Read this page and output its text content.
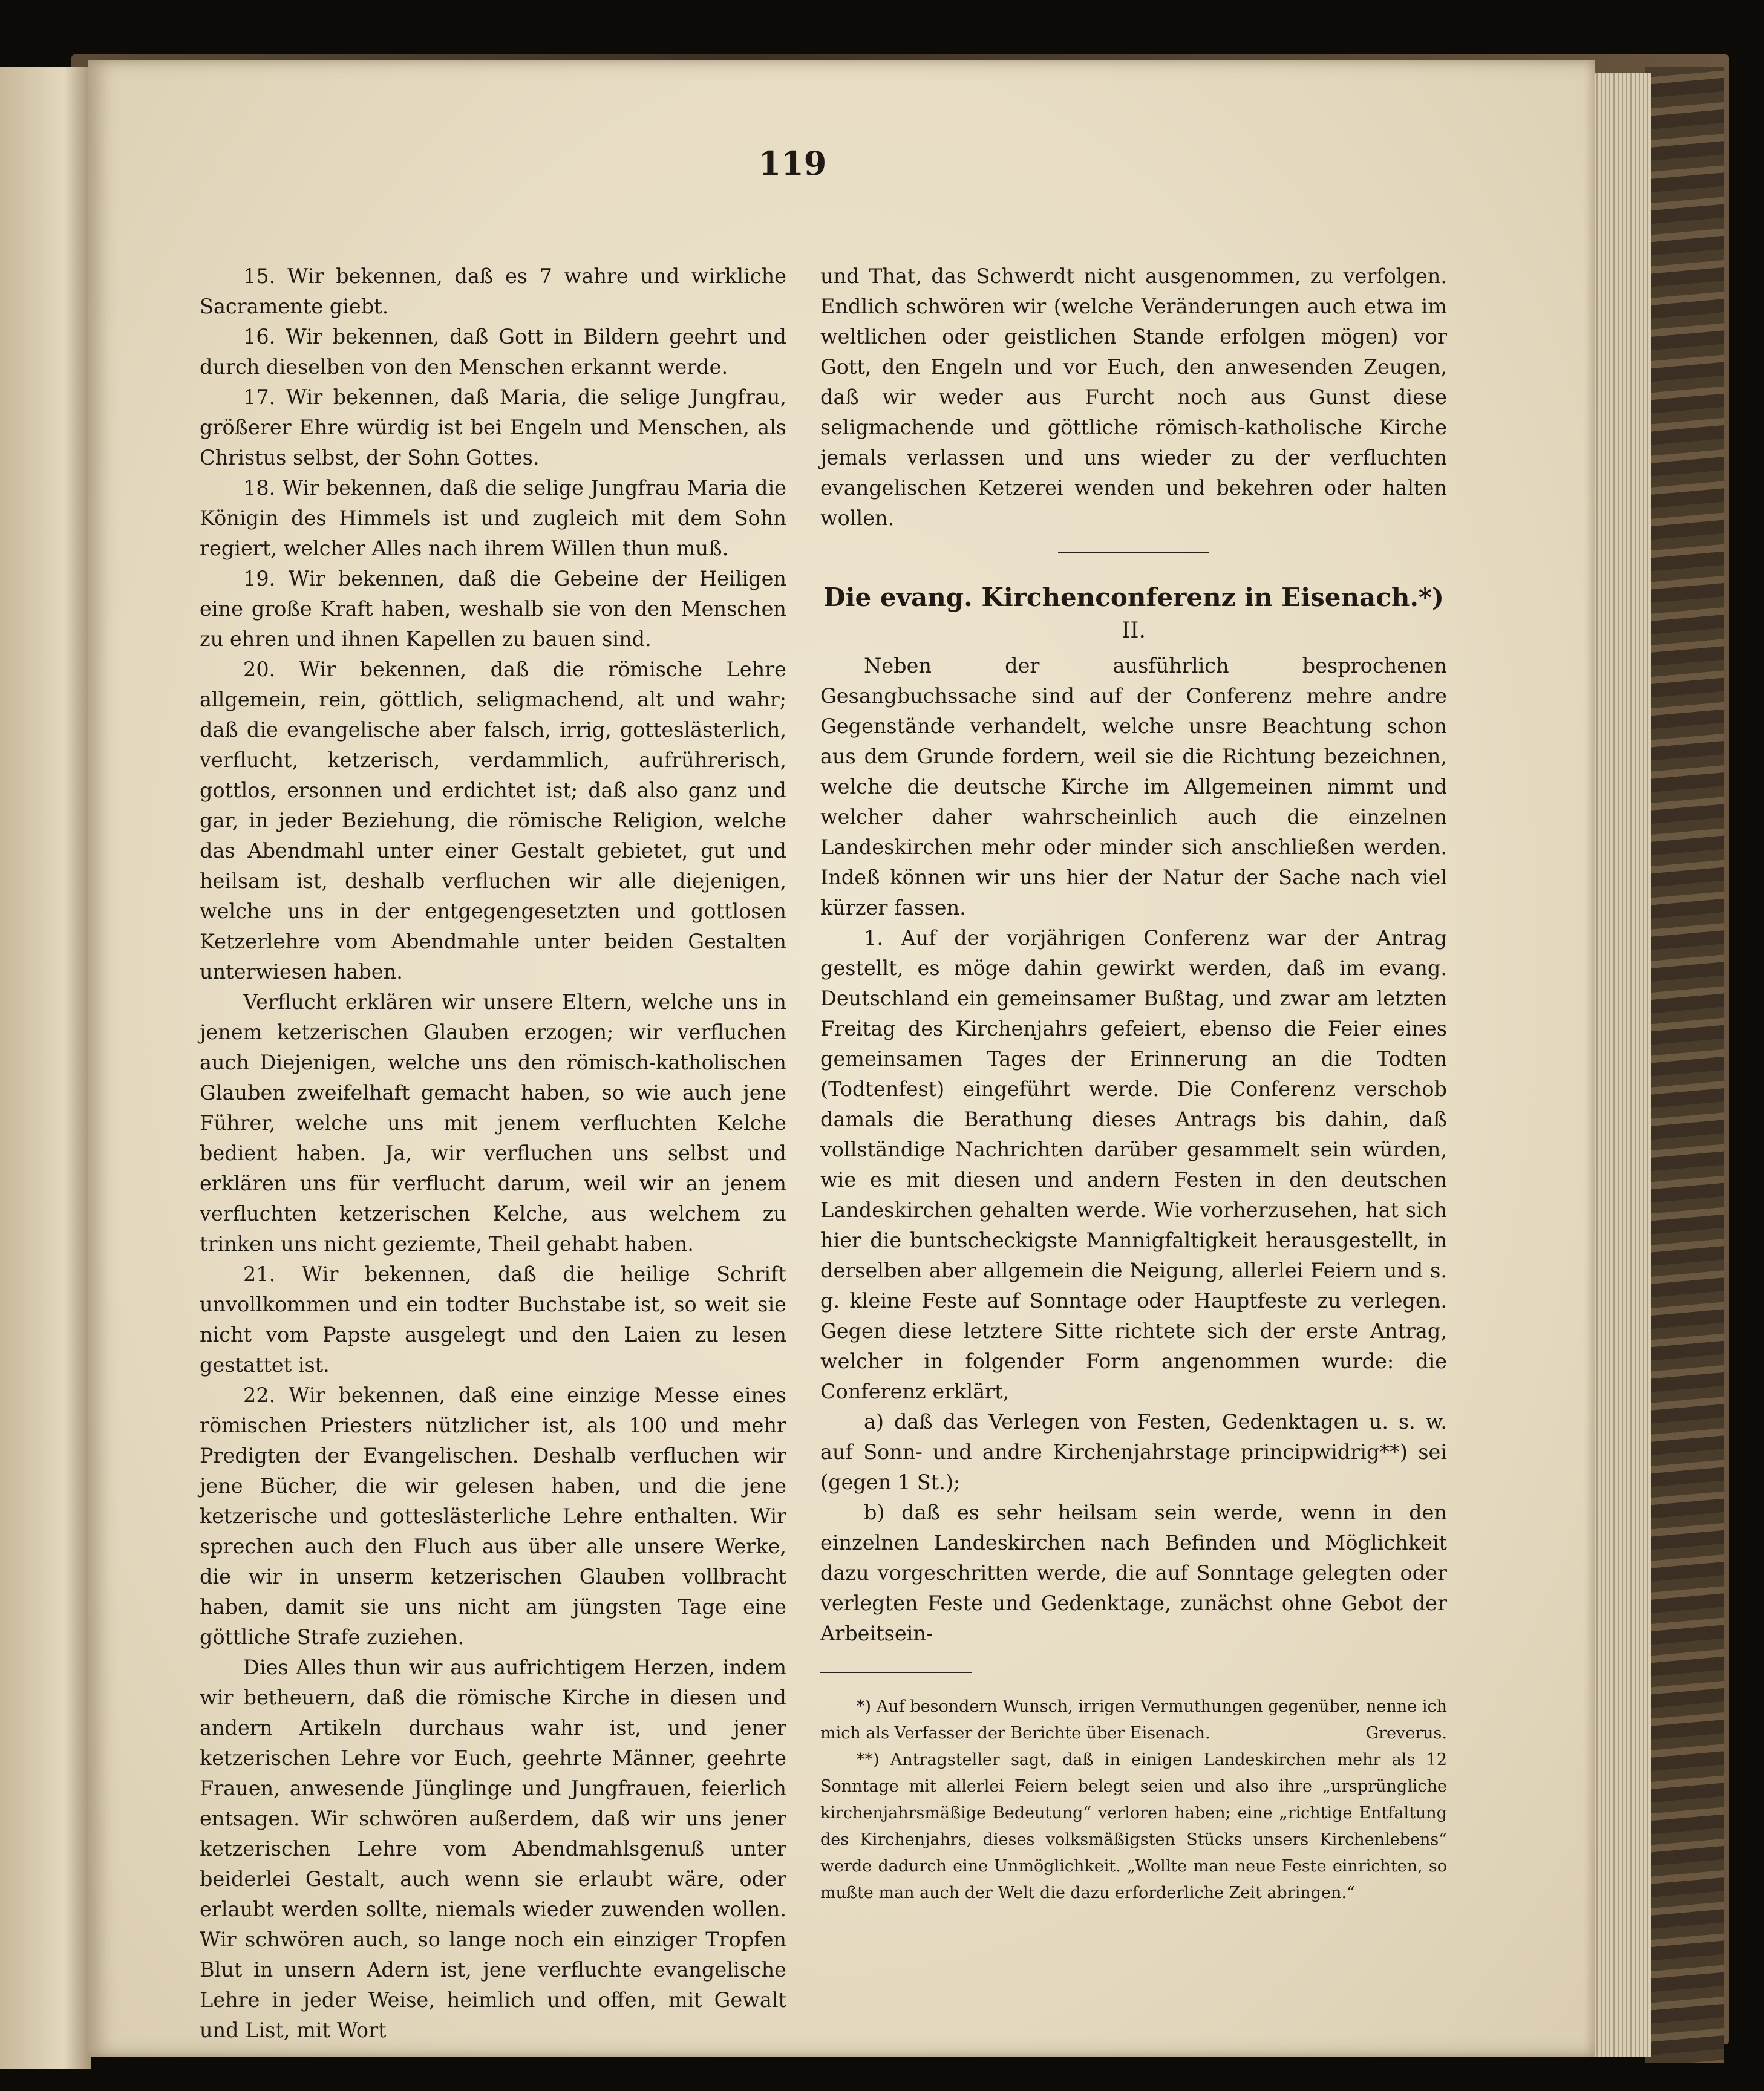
119

15. Wir bekennen, daß es 7 wahre und wirkliche Sacramente giebt.

16. Wir bekennen, daß Gott in Bildern geehrt und durch dieselben von den Menschen erkannt werde.

17. Wir bekennen, daß Maria, die selige Jungfrau, größerer Ehre würdig ist bei Engeln und Menschen, als Christus selbst, der Sohn Gottes.

18. Wir bekennen, daß die selige Jungfrau Maria die Königin des Himmels ist und zugleich mit dem Sohn regiert, welcher Alles nach ihrem Willen thun muß.

19. Wir bekennen, daß die Gebeine der Heiligen eine große Kraft haben, weshalb sie von den Menschen zu ehren und ihnen Kapellen zu bauen sind.

20. Wir bekennen, daß die römische Lehre allgemein, rein, göttlich, seligmachend, alt und wahr; daß die evangelische aber falsch, irrig, gotteslästerlich, verflucht, ketzerisch, verdammlich, aufrührerisch, gottlos, ersonnen und erdichtet ist; daß also ganz und gar, in jeder Beziehung, die römische Religion, welche das Abendmahl unter einer Gestalt gebietet, gut und heilsam ist, deshalb verfluchen wir alle diejenigen, welche uns in der entgegengesetzten und gottlosen Ketzerlehre vom Abendmahle unter beiden Gestalten unterwiesen haben.

Verflucht erklären wir unsere Eltern, welche uns in jenem ketzerischen Glauben erzogen; wir verfluchen auch Diejenigen, welche uns den römisch-katholischen Glauben zweifelhaft gemacht haben, so wie auch jene Führer, welche uns mit jenem verfluchten Kelche bedient haben. Ja, wir verfluchen uns selbst und erklären uns für verflucht darum, weil wir an jenem verfluchten ketzerischen Kelche, aus welchem zu trinken uns nicht geziemte, Theil gehabt haben.

21. Wir bekennen, daß die heilige Schrift unvollkommen und ein todter Buchstabe ist, so weit sie nicht vom Papste ausgelegt und den Laien zu lesen gestattet ist.

22. Wir bekennen, daß eine einzige Messe eines römischen Priesters nützlicher ist, als 100 und mehr Predigten der Evangelischen. Deshalb verfluchen wir jene Bücher, die wir gelesen haben, und die jene ketzerische und gotteslästerliche Lehre enthalten. Wir sprechen auch den Fluch aus über alle unsere Werke, die wir in unserm ketzerischen Glauben vollbracht haben, damit sie uns nicht am jüngsten Tage eine göttliche Strafe zuziehen.

Dies Alles thun wir aus aufrichtigem Herzen, indem wir betheuern, daß die römische Kirche in diesen und andern Artikeln durchaus wahr ist, und jener ketzerischen Lehre vor Euch, geehrte Männer, geehrte Frauen, anwesende Jünglinge und Jungfrauen, feierlich entsagen. Wir schwören außerdem, daß wir uns jener ketzerischen Lehre vom Abendmahlsgenuß unter beiderlei Gestalt, auch wenn sie erlaubt wäre, oder erlaubt werden sollte, niemals wieder zuwenden wollen. Wir schwören auch, so lange noch ein einziger Tropfen Blut in unsern Adern ist, jene verfluchte evangelische Lehre in jeder Weise, heimlich und offen, mit Gewalt und List, mit Wort

und That, das Schwerdt nicht ausgenommen, zu verfolgen. Endlich schwören wir (welche Veränderungen auch etwa im weltlichen oder geistlichen Stande erfolgen mögen) vor Gott, den Engeln und vor Euch, den anwesenden Zeugen, daß wir weder aus Furcht noch aus Gunst diese seligmachende und göttliche römisch-katholische Kirche jemals verlassen und uns wieder zu der verfluchten evangelischen Ketzerei wenden und bekehren oder halten wollen.

Die evang. Kirchenconferenz in Eisenach.*)
II.

Neben der ausführlich besprochenen Gesangbuchssache sind auf der Conferenz mehre andre Gegenstände verhandelt, welche unsre Beachtung schon aus dem Grunde fordern, weil sie die Richtung bezeichnen, welche die deutsche Kirche im Allgemeinen nimmt und welcher daher wahrscheinlich auch die einzelnen Landeskirchen mehr oder minder sich anschließen werden. Indeß können wir uns hier der Natur der Sache nach viel kürzer fassen.

1. Auf der vorjährigen Conferenz war der Antrag gestellt, es möge dahin gewirkt werden, daß im evang. Deutschland ein gemeinsamer Bußtag, und zwar am letzten Freitag des Kirchenjahrs gefeiert, ebenso die Feier eines gemeinsamen Tages der Erinnerung an die Todten (Todtenfest) eingeführt werde. Die Conferenz verschob damals die Berathung dieses Antrags bis dahin, daß vollständige Nachrichten darüber gesammelt sein würden, wie es mit diesen und andern Festen in den deutschen Landeskirchen gehalten werde. Wie vorherzusehen, hat sich hier die buntscheckigste Mannigfaltigkeit herausgestellt, in derselben aber allgemein die Neigung, allerlei Feiern und s. g. kleine Feste auf Sonntage oder Hauptfeste zu verlegen. Gegen diese letztere Sitte richtete sich der erste Antrag, welcher in folgender Form angenommen wurde: die Conferenz erklärt,

a) daß das Verlegen von Festen, Gedenktagen u. s. w. auf Sonn- und andre Kirchenjahrstage principwidrig**) sei (gegen 1 St.);

b) daß es sehr heilsam sein werde, wenn in den einzelnen Landeskirchen nach Befinden und Möglichkeit dazu vorgeschritten werde, die auf Sonntage gelegten oder verlegten Feste und Gedenktage, zunächst ohne Gebot der Arbeitsein-

*) Auf besondern Wunsch, irrigen Vermuthungen gegenüber, nenne ich mich als Verfasser der Berichte über Eisenach.	Greverus.

**) Antragsteller sagt, daß in einigen Landeskirchen mehr als 12 Sonntage mit allerlei Feiern belegt seien und also ihre „ursprüngliche kirchenjahrsmäßige Bedeutung“ verloren haben; eine „richtige Entfaltung des Kirchenjahrs, dieses volksmäßigsten Stücks unsers Kirchenlebens“ werde dadurch eine Unmöglichkeit. „Wollte man neue Feste einrichten, so mußte man auch der Welt die dazu erforderliche Zeit abringen.“
